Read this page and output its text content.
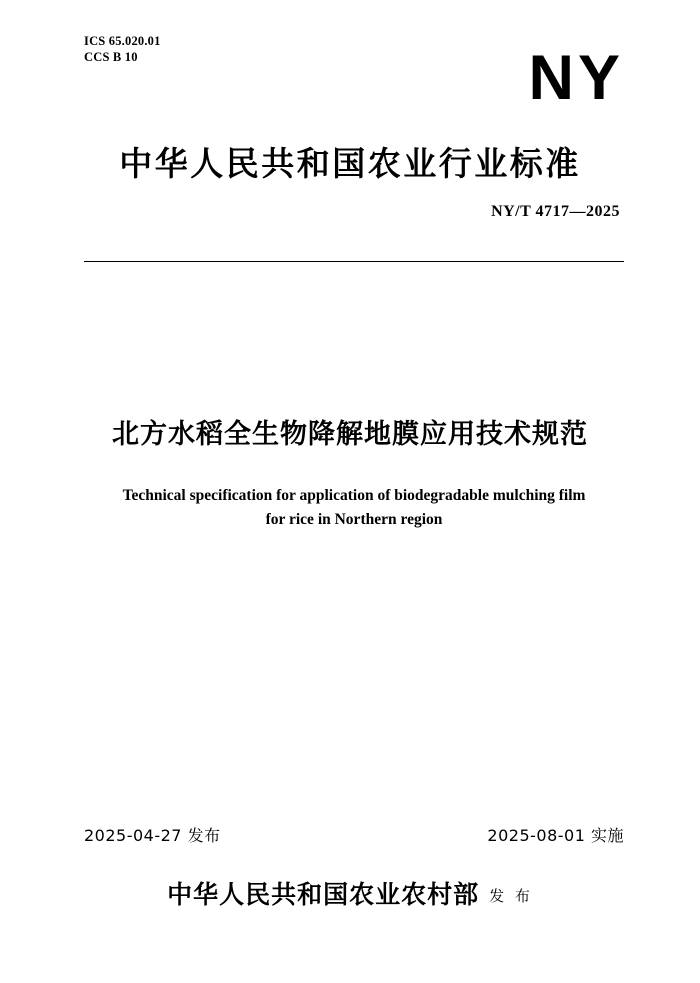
ICS 65.020.01
CCS B 10	NY
中华人民共和国农业行业标准
NY/T 4717—2025
北方水稻全生物降解地膜应用技术规范
Technical specification for application of biodegradable mulching film
for rice in Northern region
2025-04-27 发布	2025-08-01 实施
中华人民共和国农业农村部 发 布
